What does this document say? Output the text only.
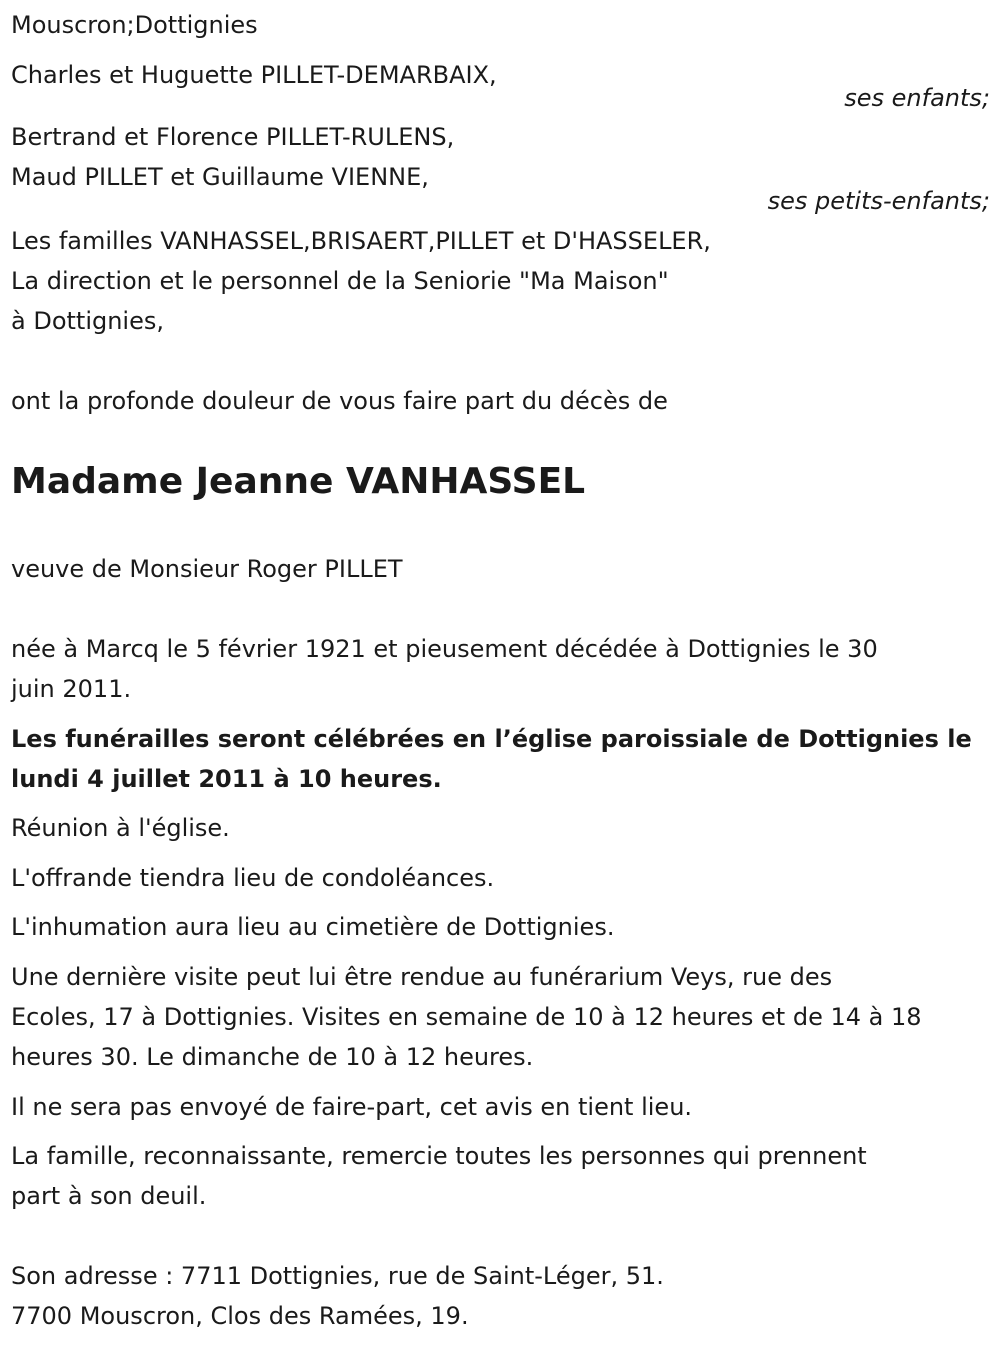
Mouscron;Dottignies
Charles et Huguette PILLET-DEMARBAIX,
ses enfants;
Bertrand et Florence PILLET-RULENS,
Maud PILLET et Guillaume VIENNE,
ses petits-enfants;
Les familles VANHASSEL,BRISAERT,PILLET et D'HASSELER,
La direction et le personnel de la Seniorie "Ma Maison"
à Dottignies,
ont la profonde douleur de vous faire part du décès de
Madame Jeanne VANHASSEL
veuve de Monsieur Roger PILLET
née à Marcq le 5 février 1921 et pieusement décédée à Dottignies le 30
juin 2011.
Les funérailles seront célébrées en l’église paroissiale de Dottignies le
lundi 4 juillet 2011 à 10 heures.
Réunion à l'église.
L'offrande tiendra lieu de condoléances.
L'inhumation aura lieu au cimetière de Dottignies.
Une dernière visite peut lui être rendue au funérarium Veys, rue des
Ecoles, 17 à Dottignies. Visites en semaine de 10 à 12 heures et de 14 à 18
heures 30. Le dimanche de 10 à 12 heures.
Il ne sera pas envoyé de faire-part, cet avis en tient lieu.
La famille, reconnaissante, remercie toutes les personnes qui prennent
part à son deuil.
Son adresse : 7711 Dottignies, rue de Saint-Léger, 51.
7700 Mouscron, Clos des Ramées, 19.
